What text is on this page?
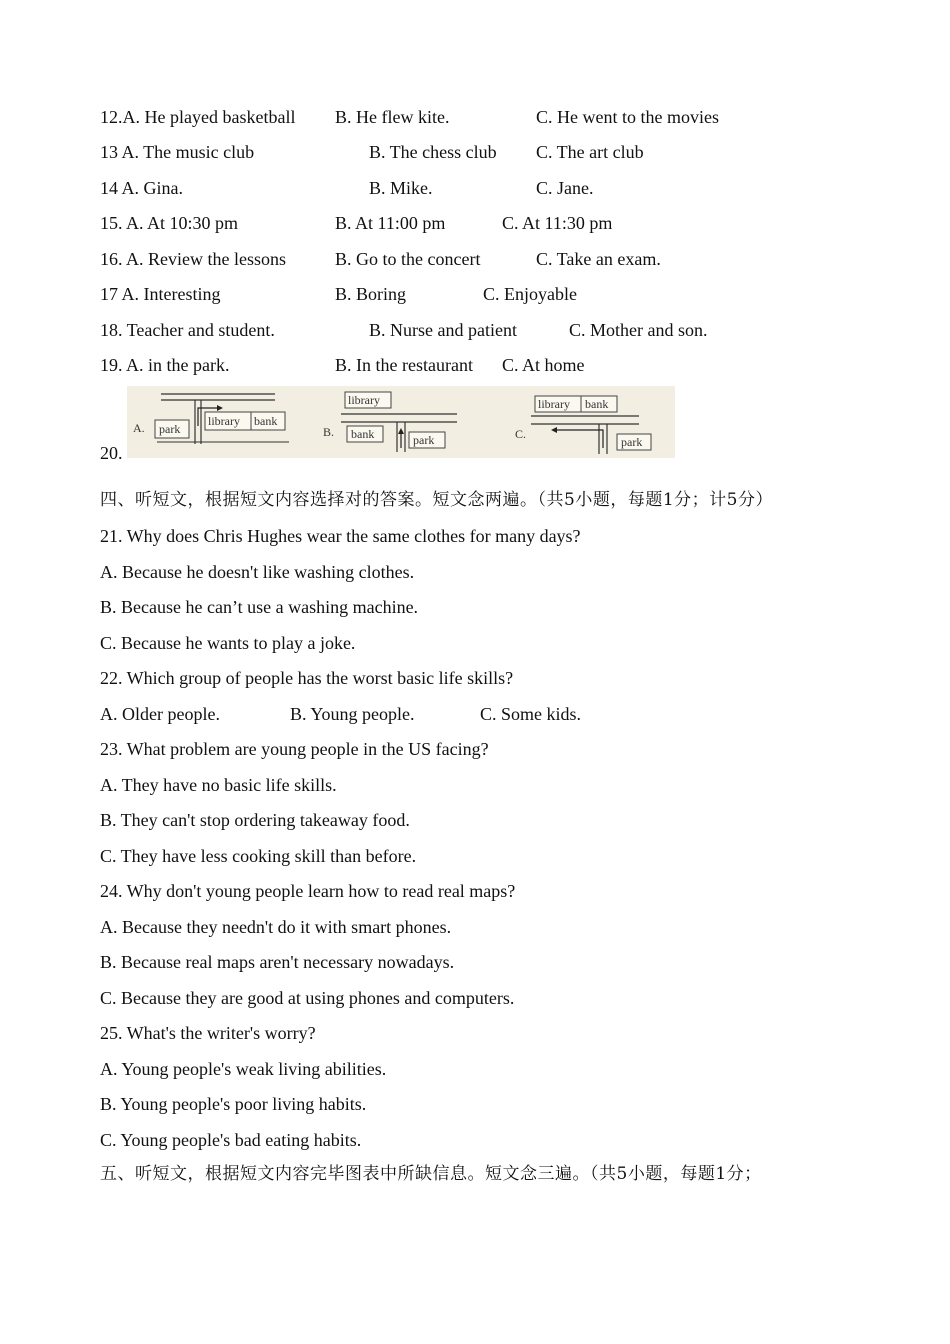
12.A. He played basketball B. He flew kite.	C. He went to the movies
13 A. The music club	B. The chess club C. The art club
14 A. Gina.	B. Mike.	C. Jane.
15. A. At 10:30 pm	B. At 11:00 pm	C. At 11:30 pm
16. A. Review the lessons	B. Go to the concert	C. Take an exam.
17 A. Interesting	B. Boring	C. Enjoyable
18. Teacher and student.	B. Nurse and patient	C. Mother and son.
19. A. in the park.	B. In the restaurant C. At home
20.
A. park
library bank
B.
library
bank	park	C.
library bank
park
四、听短文，根据短文内容选择对的答案。短文念两遍。（共5小题，每题1分；计5分）
21. Why does Chris Hughes wear the same clothes for many days?
A. Because he doesn't like washing clothes.
B. Because he can’t use a washing machine.
C. Because he wants to play a joke.
22. Which group of people has the worst basic life skills?
A. Older people.	B. Young people.	C. Some kids.
23. What problem are young people in the US facing?
A. They have no basic life skills.
B. They can't stop ordering takeaway food.
C. They have less cooking skill than before.
24. Why don't young people learn how to read real maps?
A. Because they needn't do it with smart phones.
B. Because real maps aren't necessary nowadays.
C. Because they are good at using phones and computers.
25. What's the writer's worry?
A. Young people's weak living abilities.
B. Young people's poor living habits.
C. Young people's bad eating habits.
五、听短文，根据短文内容完毕图表中所缺信息。短文念三遍。（共5小题，每题1分；
